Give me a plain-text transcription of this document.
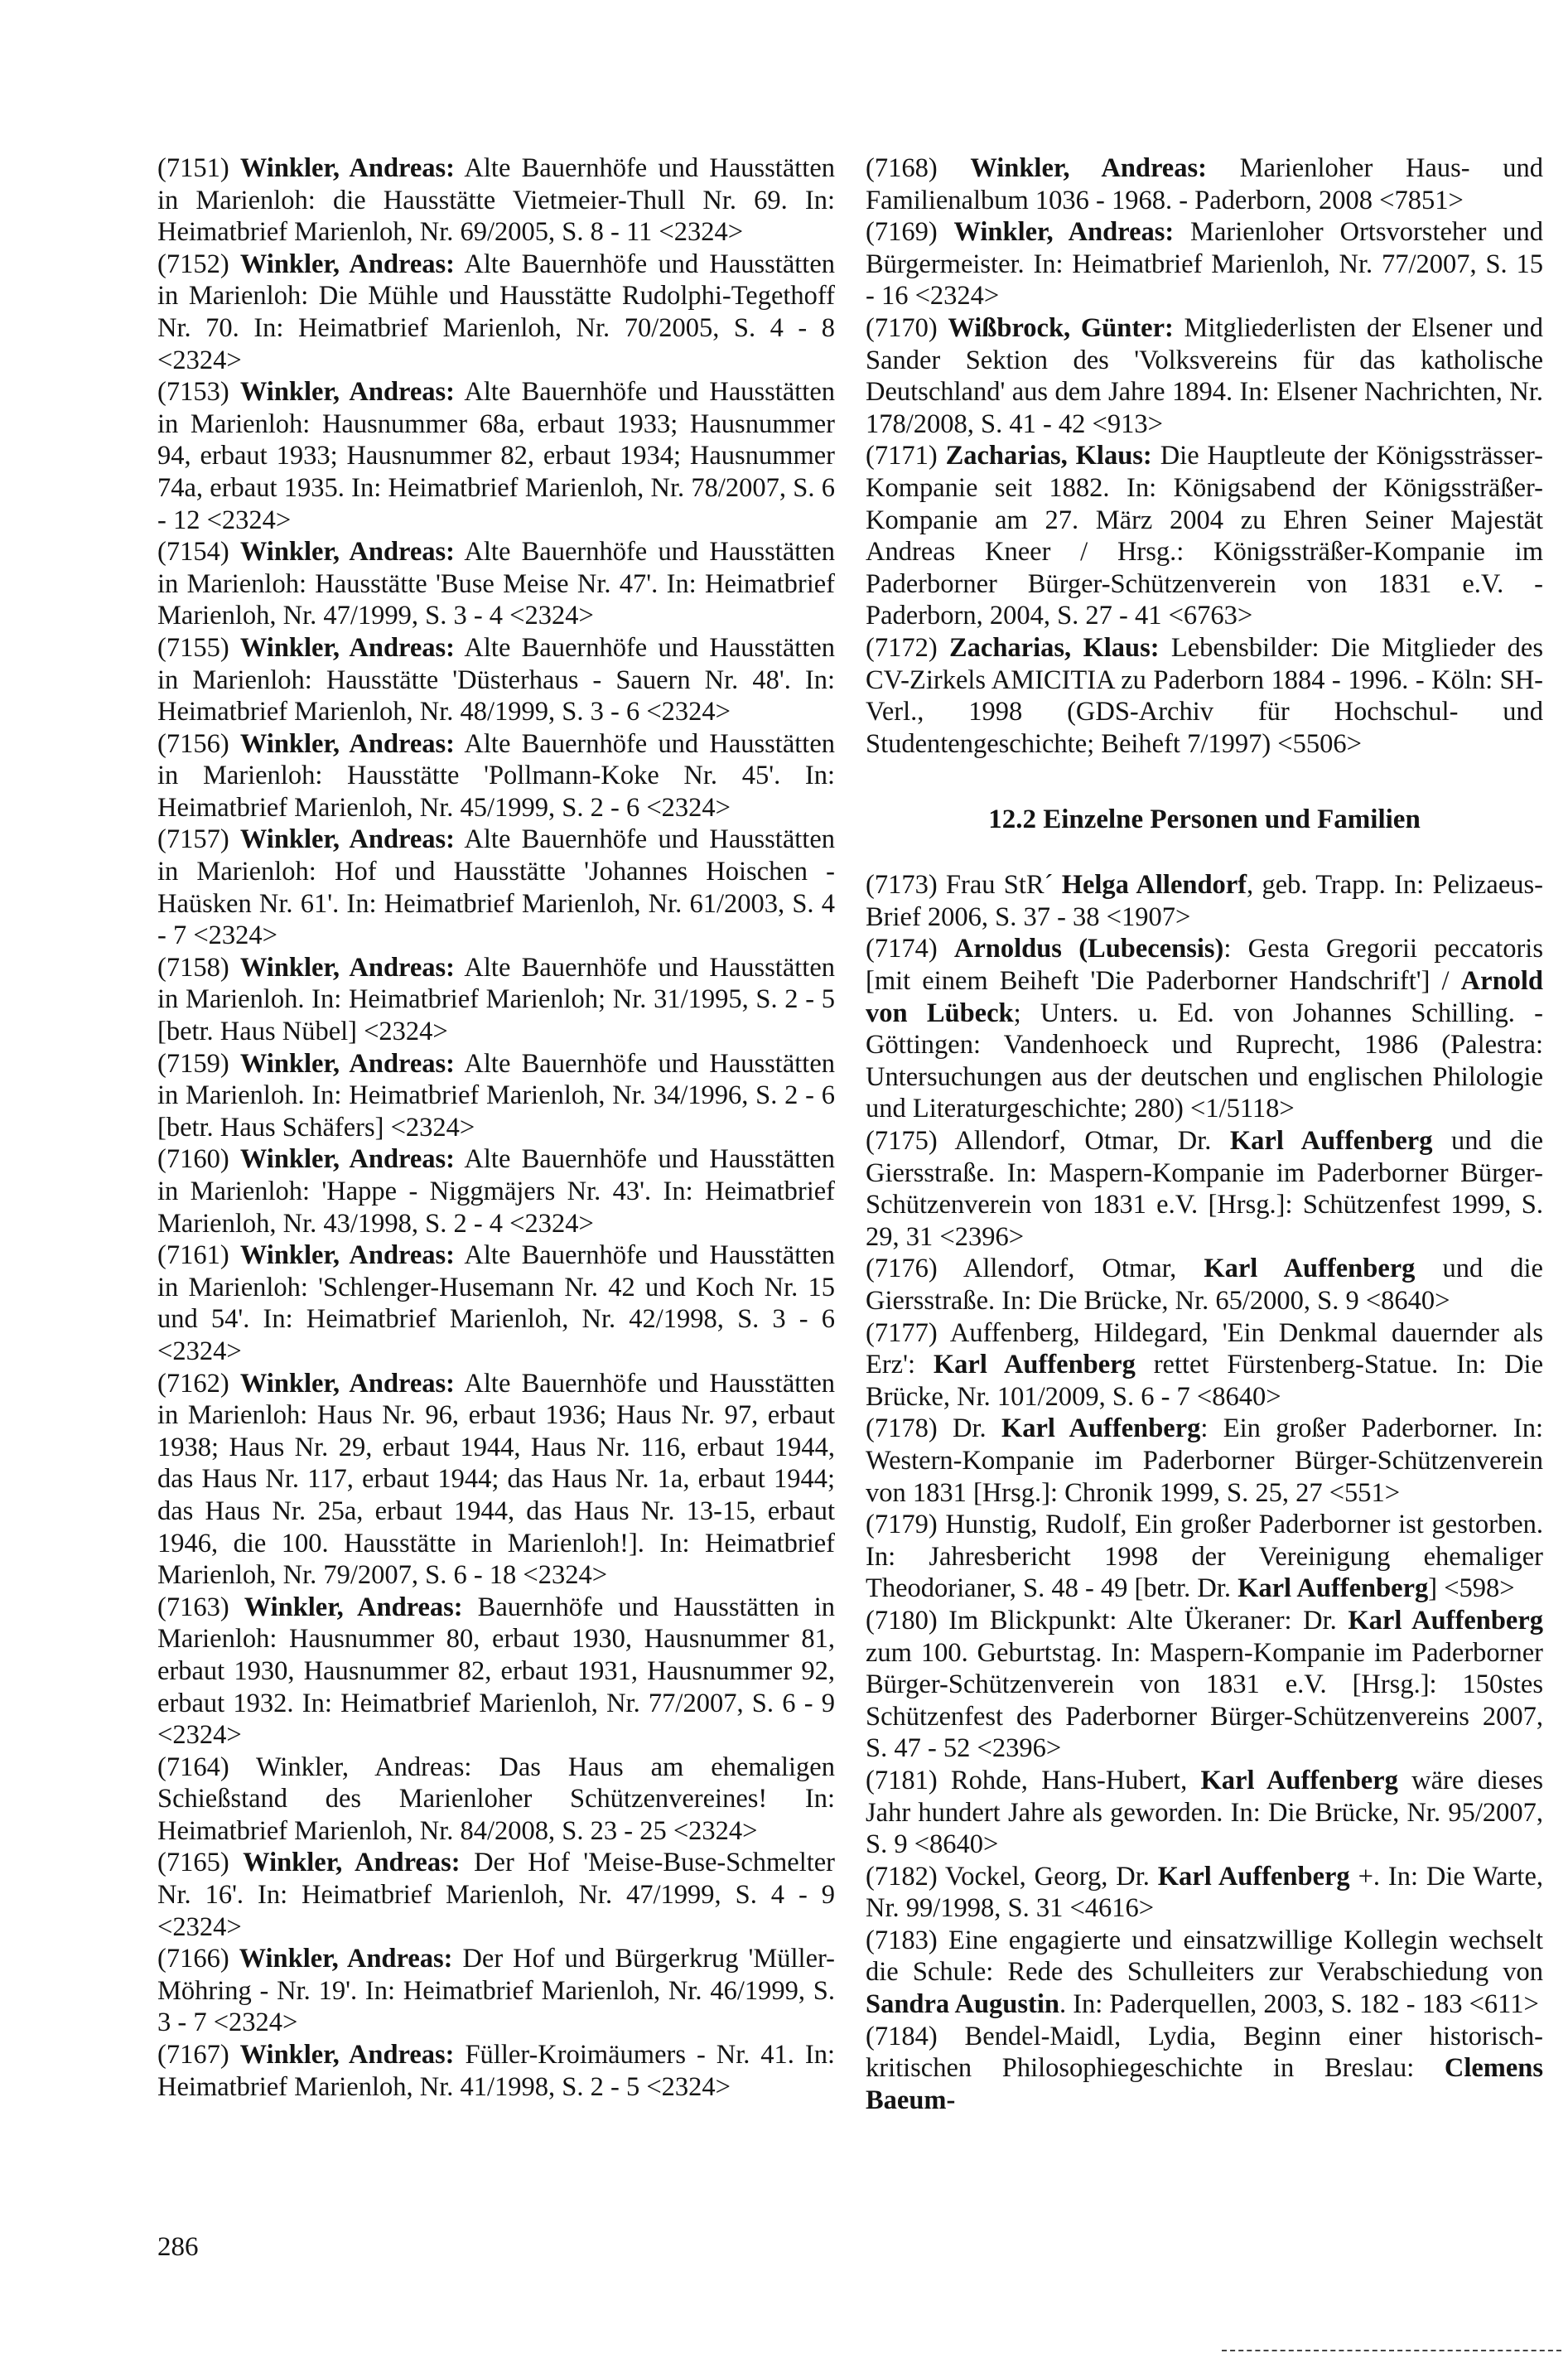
(7151) Winkler, Andreas: Alte Bauernhöfe und Hausstätten in Marienloh: die Hausstätte Vietmeier-Thull Nr. 69. In: Heimatbrief Marienloh, Nr. 69/2005, S. 8 - 11 <2324>
(7152) Winkler, Andreas: Alte Bauernhöfe und Hausstätten in Marienloh: Die Mühle und Hausstätte Rudolphi-Tegethoff Nr. 70. In: Heimatbrief Marienloh, Nr. 70/2005, S. 4 - 8 <2324>
(7153) Winkler, Andreas: Alte Bauernhöfe und Hausstätten in Marienloh: Hausnummer 68a, erbaut 1933; Hausnummer 94, erbaut 1933; Hausnummer 82, erbaut 1934; Hausnummer 74a, erbaut 1935. In: Heimatbrief Marienloh, Nr. 78/2007, S. 6 - 12 <2324>
(7154) Winkler, Andreas: Alte Bauernhöfe und Hausstätten in Marienloh: Hausstätte 'Buse Meise Nr. 47'. In: Heimatbrief Marienloh, Nr. 47/1999, S. 3 - 4 <2324>
(7155) Winkler, Andreas: Alte Bauernhöfe und Hausstätten in Marienloh: Hausstätte 'Düsterhaus - Sauern Nr. 48'. In: Heimatbrief Marienloh, Nr. 48/1999, S. 3 - 6 <2324>
(7156) Winkler, Andreas: Alte Bauernhöfe und Hausstätten in Marienloh: Hausstätte 'Pollmann-Koke Nr. 45'. In: Heimatbrief Marienloh, Nr. 45/1999, S. 2 - 6 <2324>
(7157) Winkler, Andreas: Alte Bauernhöfe und Hausstätten in Marienloh: Hof und Hausstätte 'Johannes Hoischen - Haüsken Nr. 61'. In: Heimatbrief Marienloh, Nr. 61/2003, S. 4 - 7 <2324>
(7158) Winkler, Andreas: Alte Bauernhöfe und Hausstätten in Marienloh. In: Heimatbrief Marienloh; Nr. 31/1995, S. 2 - 5 [betr. Haus Nübel] <2324>
(7159) Winkler, Andreas: Alte Bauernhöfe und Hausstätten in Marienloh. In: Heimatbrief Marienloh, Nr. 34/1996, S. 2 - 6 [betr. Haus Schäfers] <2324>
(7160) Winkler, Andreas: Alte Bauernhöfe und Hausstätten in Marienloh: 'Happe - Niggmäjers Nr. 43'. In: Heimatbrief Marienloh, Nr. 43/1998, S. 2 - 4 <2324>
(7161) Winkler, Andreas: Alte Bauernhöfe und Hausstätten in Marienloh: 'Schlenger-Husemann Nr. 42 und Koch Nr. 15 und 54'. In: Heimatbrief Marienloh, Nr. 42/1998, S. 3 - 6 <2324>
(7162) Winkler, Andreas: Alte Bauernhöfe und Hausstätten in Marienloh: Haus Nr. 96, erbaut 1936; Haus Nr. 97, erbaut 1938; Haus Nr. 29, erbaut 1944, Haus Nr. 116, erbaut 1944, das Haus Nr. 117, erbaut 1944; das Haus Nr. 1a, erbaut 1944; das Haus Nr. 25a, erbaut 1944, das Haus Nr. 13-15, erbaut 1946, die 100. Hausstätte in Marienloh!]. In: Heimatbrief Marienloh, Nr. 79/2007, S. 6 - 18 <2324>
(7163) Winkler, Andreas: Bauernhöfe und Hausstätten in Marienloh: Hausnummer 80, erbaut 1930, Hausnummer 81, erbaut 1930, Hausnummer 82, erbaut 1931, Hausnummer 92, erbaut 1932. In: Heimatbrief Marienloh, Nr. 77/2007, S. 6 - 9 <2324>
(7164) Winkler, Andreas: Das Haus am ehemaligen Schießstand des Marienloher Schützenvereines! In: Heimatbrief Marienloh, Nr. 84/2008, S. 23 - 25 <2324>
(7165) Winkler, Andreas: Der Hof 'Meise-Buse-Schmelter Nr. 16'. In: Heimatbrief Marienloh, Nr. 47/1999, S. 4 - 9 <2324>
(7166) Winkler, Andreas: Der Hof und Bürgerkrug 'Müller-Möhring - Nr. 19'. In: Heimatbrief Marienloh, Nr. 46/1999, S. 3 - 7 <2324>
(7167) Winkler, Andreas: Füller-Kroimäumers - Nr. 41. In: Heimatbrief Marienloh, Nr. 41/1998, S. 2 - 5 <2324>
(7168) Winkler, Andreas: Marienloher Haus- und Familienalbum 1036 - 1968. - Paderborn, 2008 <7851>
(7169) Winkler, Andreas: Marienloher Ortsvorsteher und Bürgermeister. In: Heimatbrief Marienloh, Nr. 77/2007, S. 15 - 16 <2324>
(7170) Wißbrock, Günter: Mitgliederlisten der Elsener und Sander Sektion des 'Volksvereins für das katholische Deutschland' aus dem Jahre 1894. In: Elsener Nachrichten, Nr. 178/2008, S. 41 - 42 <913>
(7171) Zacharias, Klaus: Die Hauptleute der Königssträsser-Kompanie seit 1882. In: Königsabend der Königssträßer-Kompanie am 27. März 2004 zu Ehren Seiner Majestät Andreas Kneer / Hrsg.: Königssträßer-Kompanie im Paderborner Bürger-Schützenverein von 1831 e.V. - Paderborn, 2004, S. 27 - 41 <6763>
(7172) Zacharias, Klaus: Lebensbilder: Die Mitglieder des CV-Zirkels AMICITIA zu Paderborn 1884 - 1996. - Köln: SH-Verl., 1998 (GDS-Archiv für Hochschul- und Studentengeschichte; Beiheft 7/1997) <5506>
12.2 Einzelne Personen und Familien
(7173) Frau StR´ Helga Allendorf, geb. Trapp. In: Pelizaeus-Brief 2006, S. 37 - 38 <1907>
(7174) Arnoldus (Lubecensis): Gesta Gregorii peccatoris [mit einem Beiheft 'Die Paderborner Handschrift'] / Arnold von Lübeck; Unters. u. Ed. von Johannes Schilling. - Göttingen: Vandenhoeck und Ruprecht, 1986 (Palestra: Untersuchungen aus der deutschen und englischen Philologie und Literaturgeschichte; 280) <1/5118>
(7175) Allendorf, Otmar, Dr. Karl Auffenberg und die Giersstraße. In: Maspern-Kompanie im Paderborner Bürger-Schützenverein von 1831 e.V. [Hrsg.]: Schützenfest 1999, S. 29, 31 <2396>
(7176) Allendorf, Otmar, Karl Auffenberg und die Giersstraße. In: Die Brücke, Nr. 65/2000, S. 9 <8640>
(7177) Auffenberg, Hildegard, 'Ein Denkmal dauernder als Erz': Karl Auffenberg rettet Fürstenberg-Statue. In: Die Brücke, Nr. 101/2009, S. 6 - 7 <8640>
(7178) Dr. Karl Auffenberg: Ein großer Paderborner. In: Western-Kompanie im Paderborner Bürger-Schützenverein von 1831 [Hrsg.]: Chronik 1999, S. 25, 27 <551>
(7179) Hunstig, Rudolf, Ein großer Paderborner ist gestorben. In: Jahresbericht 1998 der Vereinigung ehemaliger Theodorianer, S. 48 - 49 [betr. Dr. Karl Auffenberg] <598>
(7180) Im Blickpunkt: Alte Ükeraner: Dr. Karl Auffenberg zum 100. Geburtstag. In: Maspern-Kompanie im Paderborner Bürger-Schützenverein von 1831 e.V. [Hrsg.]: 150stes Schützenfest des Paderborner Bürger-Schützenvereins 2007, S. 47 - 52 <2396>
(7181) Rohde, Hans-Hubert, Karl Auffenberg wäre dieses Jahr hundert Jahre als geworden. In: Die Brücke, Nr. 95/2007, S. 9 <8640>
(7182) Vockel, Georg, Dr. Karl Auffenberg +. In: Die Warte, Nr. 99/1998, S. 31 <4616>
(7183) Eine engagierte und einsatzwillige Kollegin wechselt die Schule: Rede des Schulleiters zur Verabschiedung von Sandra Augustin. In: Paderquellen, 2003, S. 182 - 183 <611>
(7184) Bendel-Maidl, Lydia, Beginn einer historisch-kritischen Philosophiegeschichte in Breslau: Clemens Baeum-
286
